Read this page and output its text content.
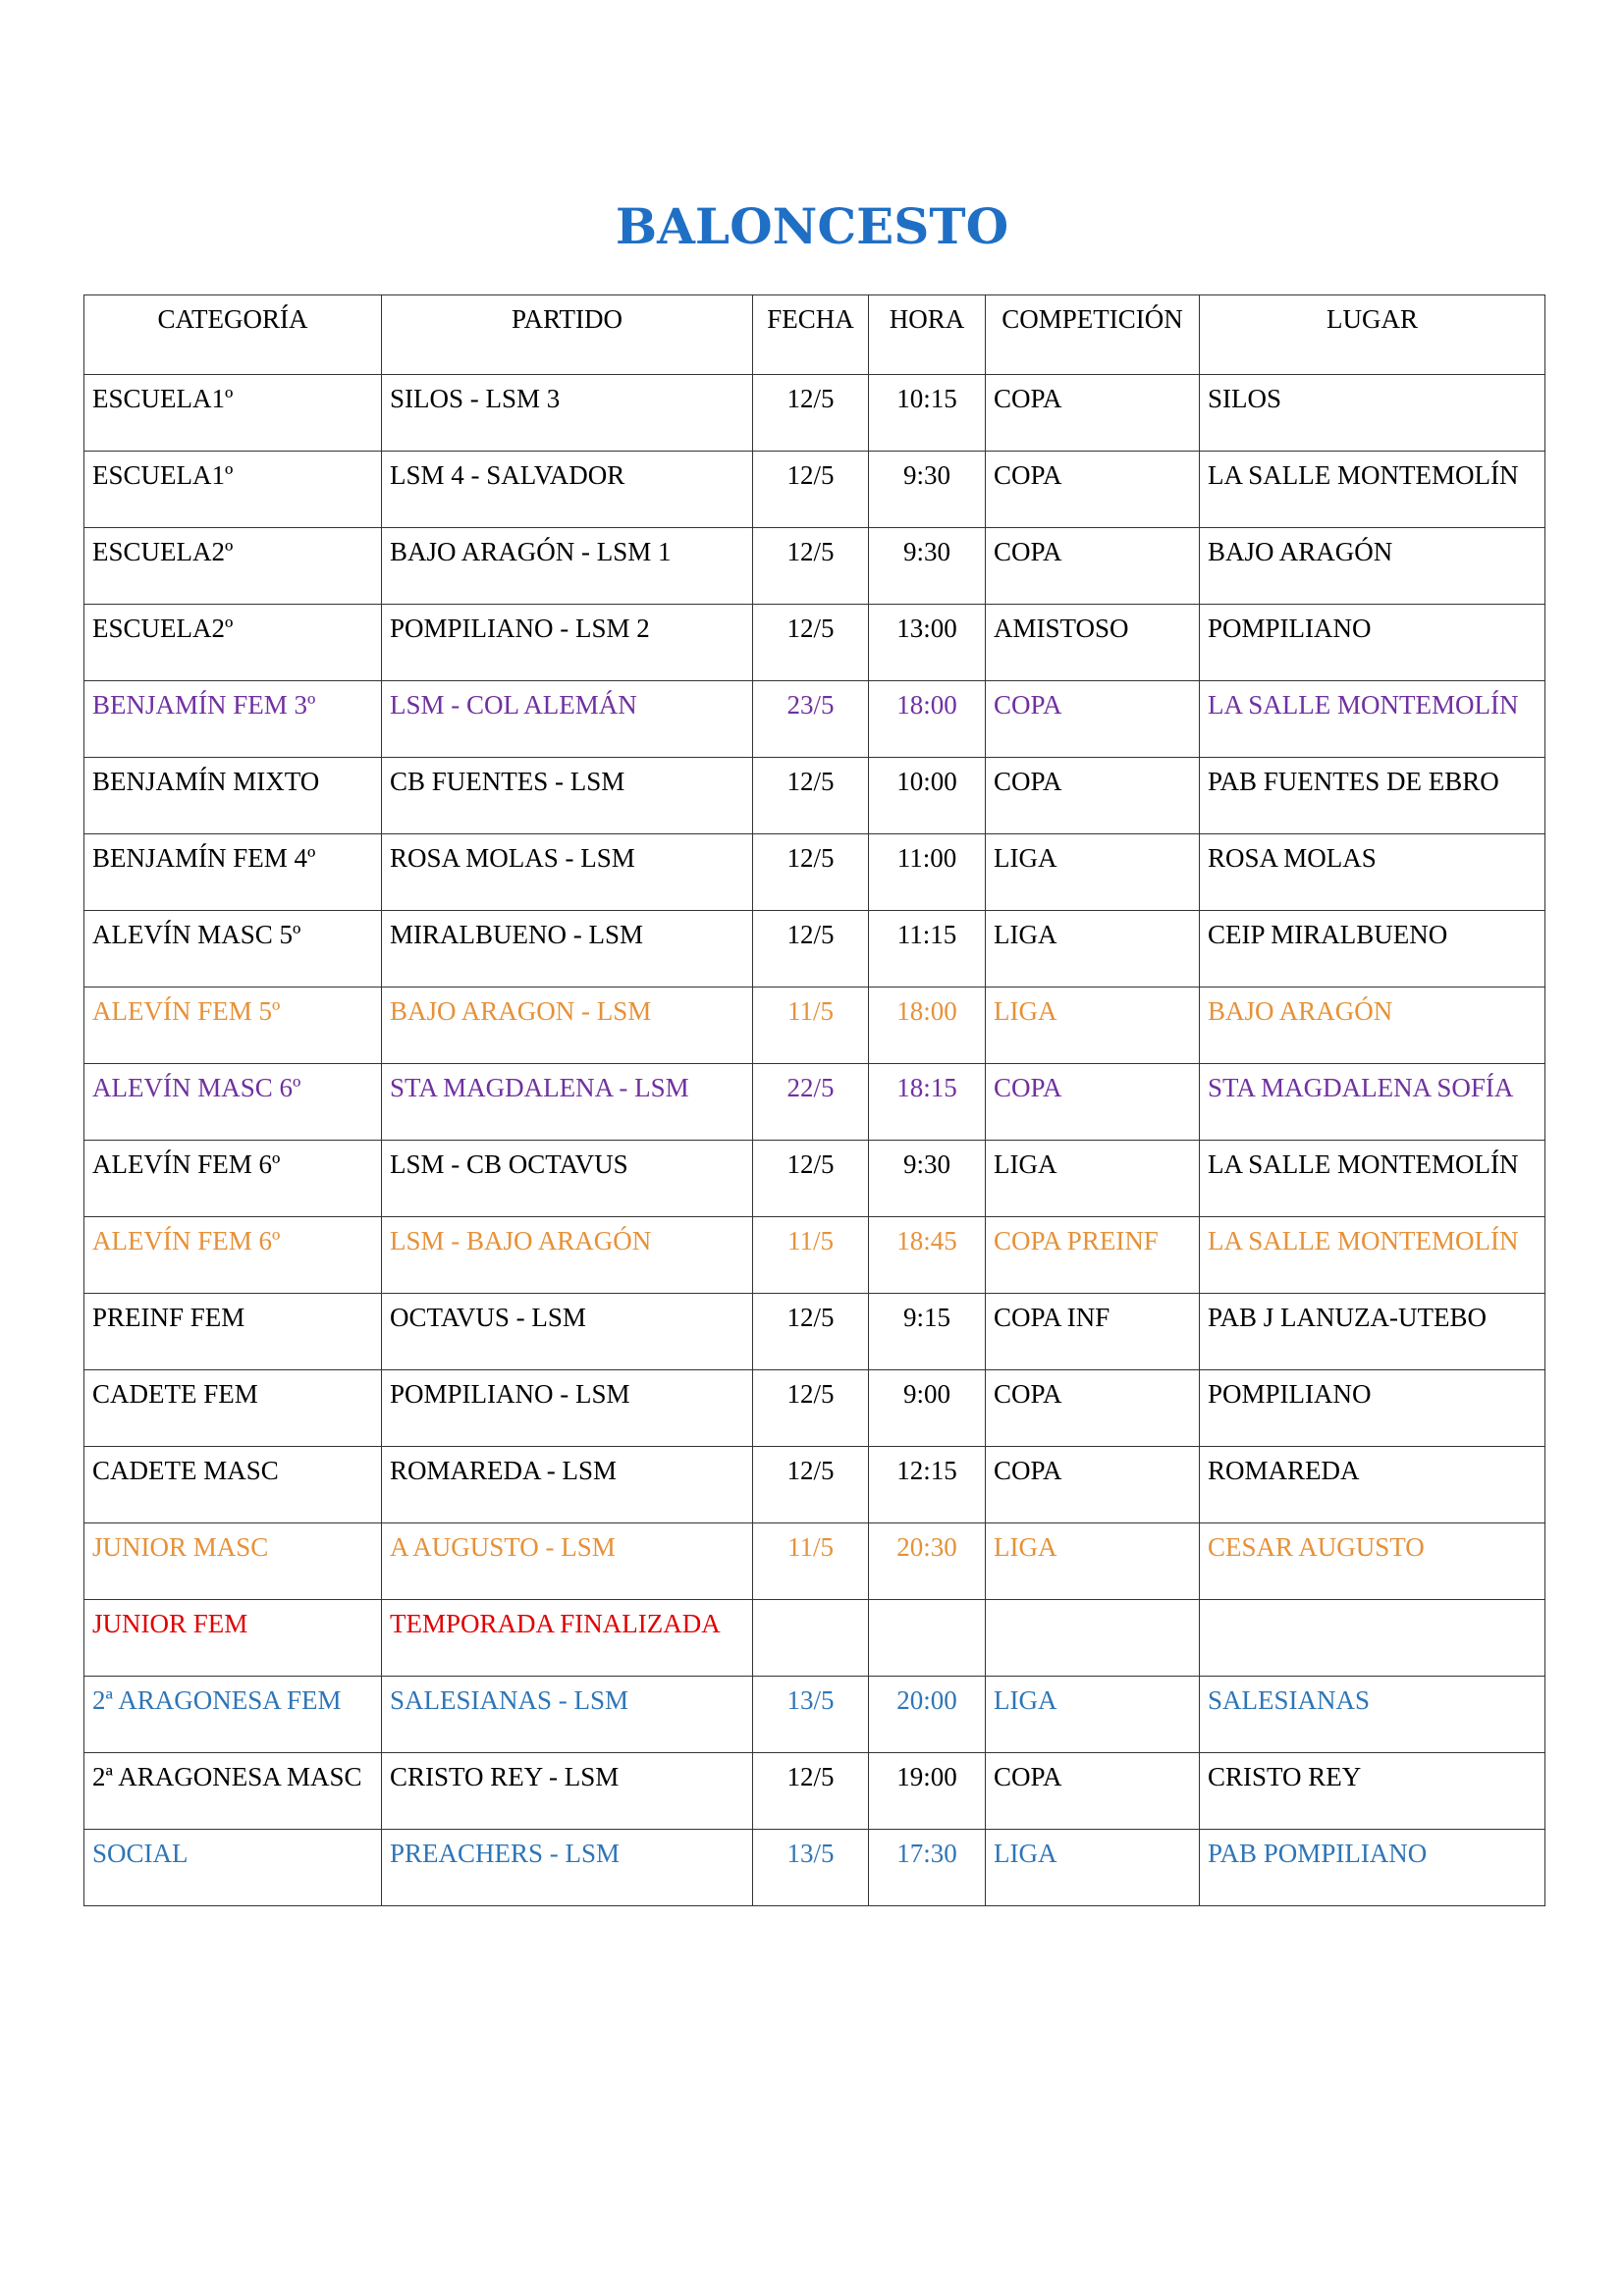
BALONCESTO
CATEGORÍA	PARTIDO	FECHA	HORA	COMPETICIÓN	LUGAR
ESCUELA1º	SILOS - LSM 3	12/5	10:15	COPA	SILOS
ESCUELA1º	LSM 4 - SALVADOR	12/5	9:30	COPA	LA SALLE MONTEMOLÍN
ESCUELA2º	BAJO ARAGÓN - LSM 1	12/5	9:30	COPA	BAJO ARAGÓN
ESCUELA2º	POMPILIANO - LSM 2	12/5	13:00	AMISTOSO	POMPILIANO
BENJAMÍN FEM 3º	LSM - COL ALEMÁN	23/5	18:00	COPA	LA SALLE MONTEMOLÍN
BENJAMÍN MIXTO	CB FUENTES - LSM	12/5	10:00	COPA	PAB FUENTES DE EBRO
BENJAMÍN FEM 4º	ROSA MOLAS - LSM	12/5	11:00	LIGA	ROSA MOLAS
ALEVÍN MASC 5º	MIRALBUENO - LSM	12/5	11:15	LIGA	CEIP MIRALBUENO
ALEVÍN FEM 5º	BAJO ARAGON - LSM	11/5	18:00	LIGA	BAJO ARAGÓN
ALEVÍN MASC 6º	STA MAGDALENA - LSM	22/5	18:15	COPA	STA MAGDALENA SOFÍA
ALEVÍN FEM 6º	LSM - CB OCTAVUS	12/5	9:30	LIGA	LA SALLE MONTEMOLÍN
ALEVÍN FEM 6º	LSM - BAJO ARAGÓN	11/5	18:45	COPA PREINF	LA SALLE MONTEMOLÍN
PREINF FEM	OCTAVUS - LSM	12/5	9:15	COPA INF	PAB J LANUZA-UTEBO
CADETE FEM	POMPILIANO - LSM	12/5	9:00	COPA	POMPILIANO
CADETE MASC	ROMAREDA - LSM	12/5	12:15	COPA	ROMAREDA
JUNIOR MASC	A AUGUSTO - LSM	11/5	20:30	LIGA	CESAR AUGUSTO
JUNIOR FEM	TEMPORADA FINALIZADA				
2ª ARAGONESA FEM	SALESIANAS - LSM	13/5	20:00	LIGA	SALESIANAS
2ª ARAGONESA MASC	CRISTO REY - LSM	12/5	19:00	COPA	CRISTO REY
SOCIAL	PREACHERS - LSM	13/5	17:30	LIGA	PAB POMPILIANO
